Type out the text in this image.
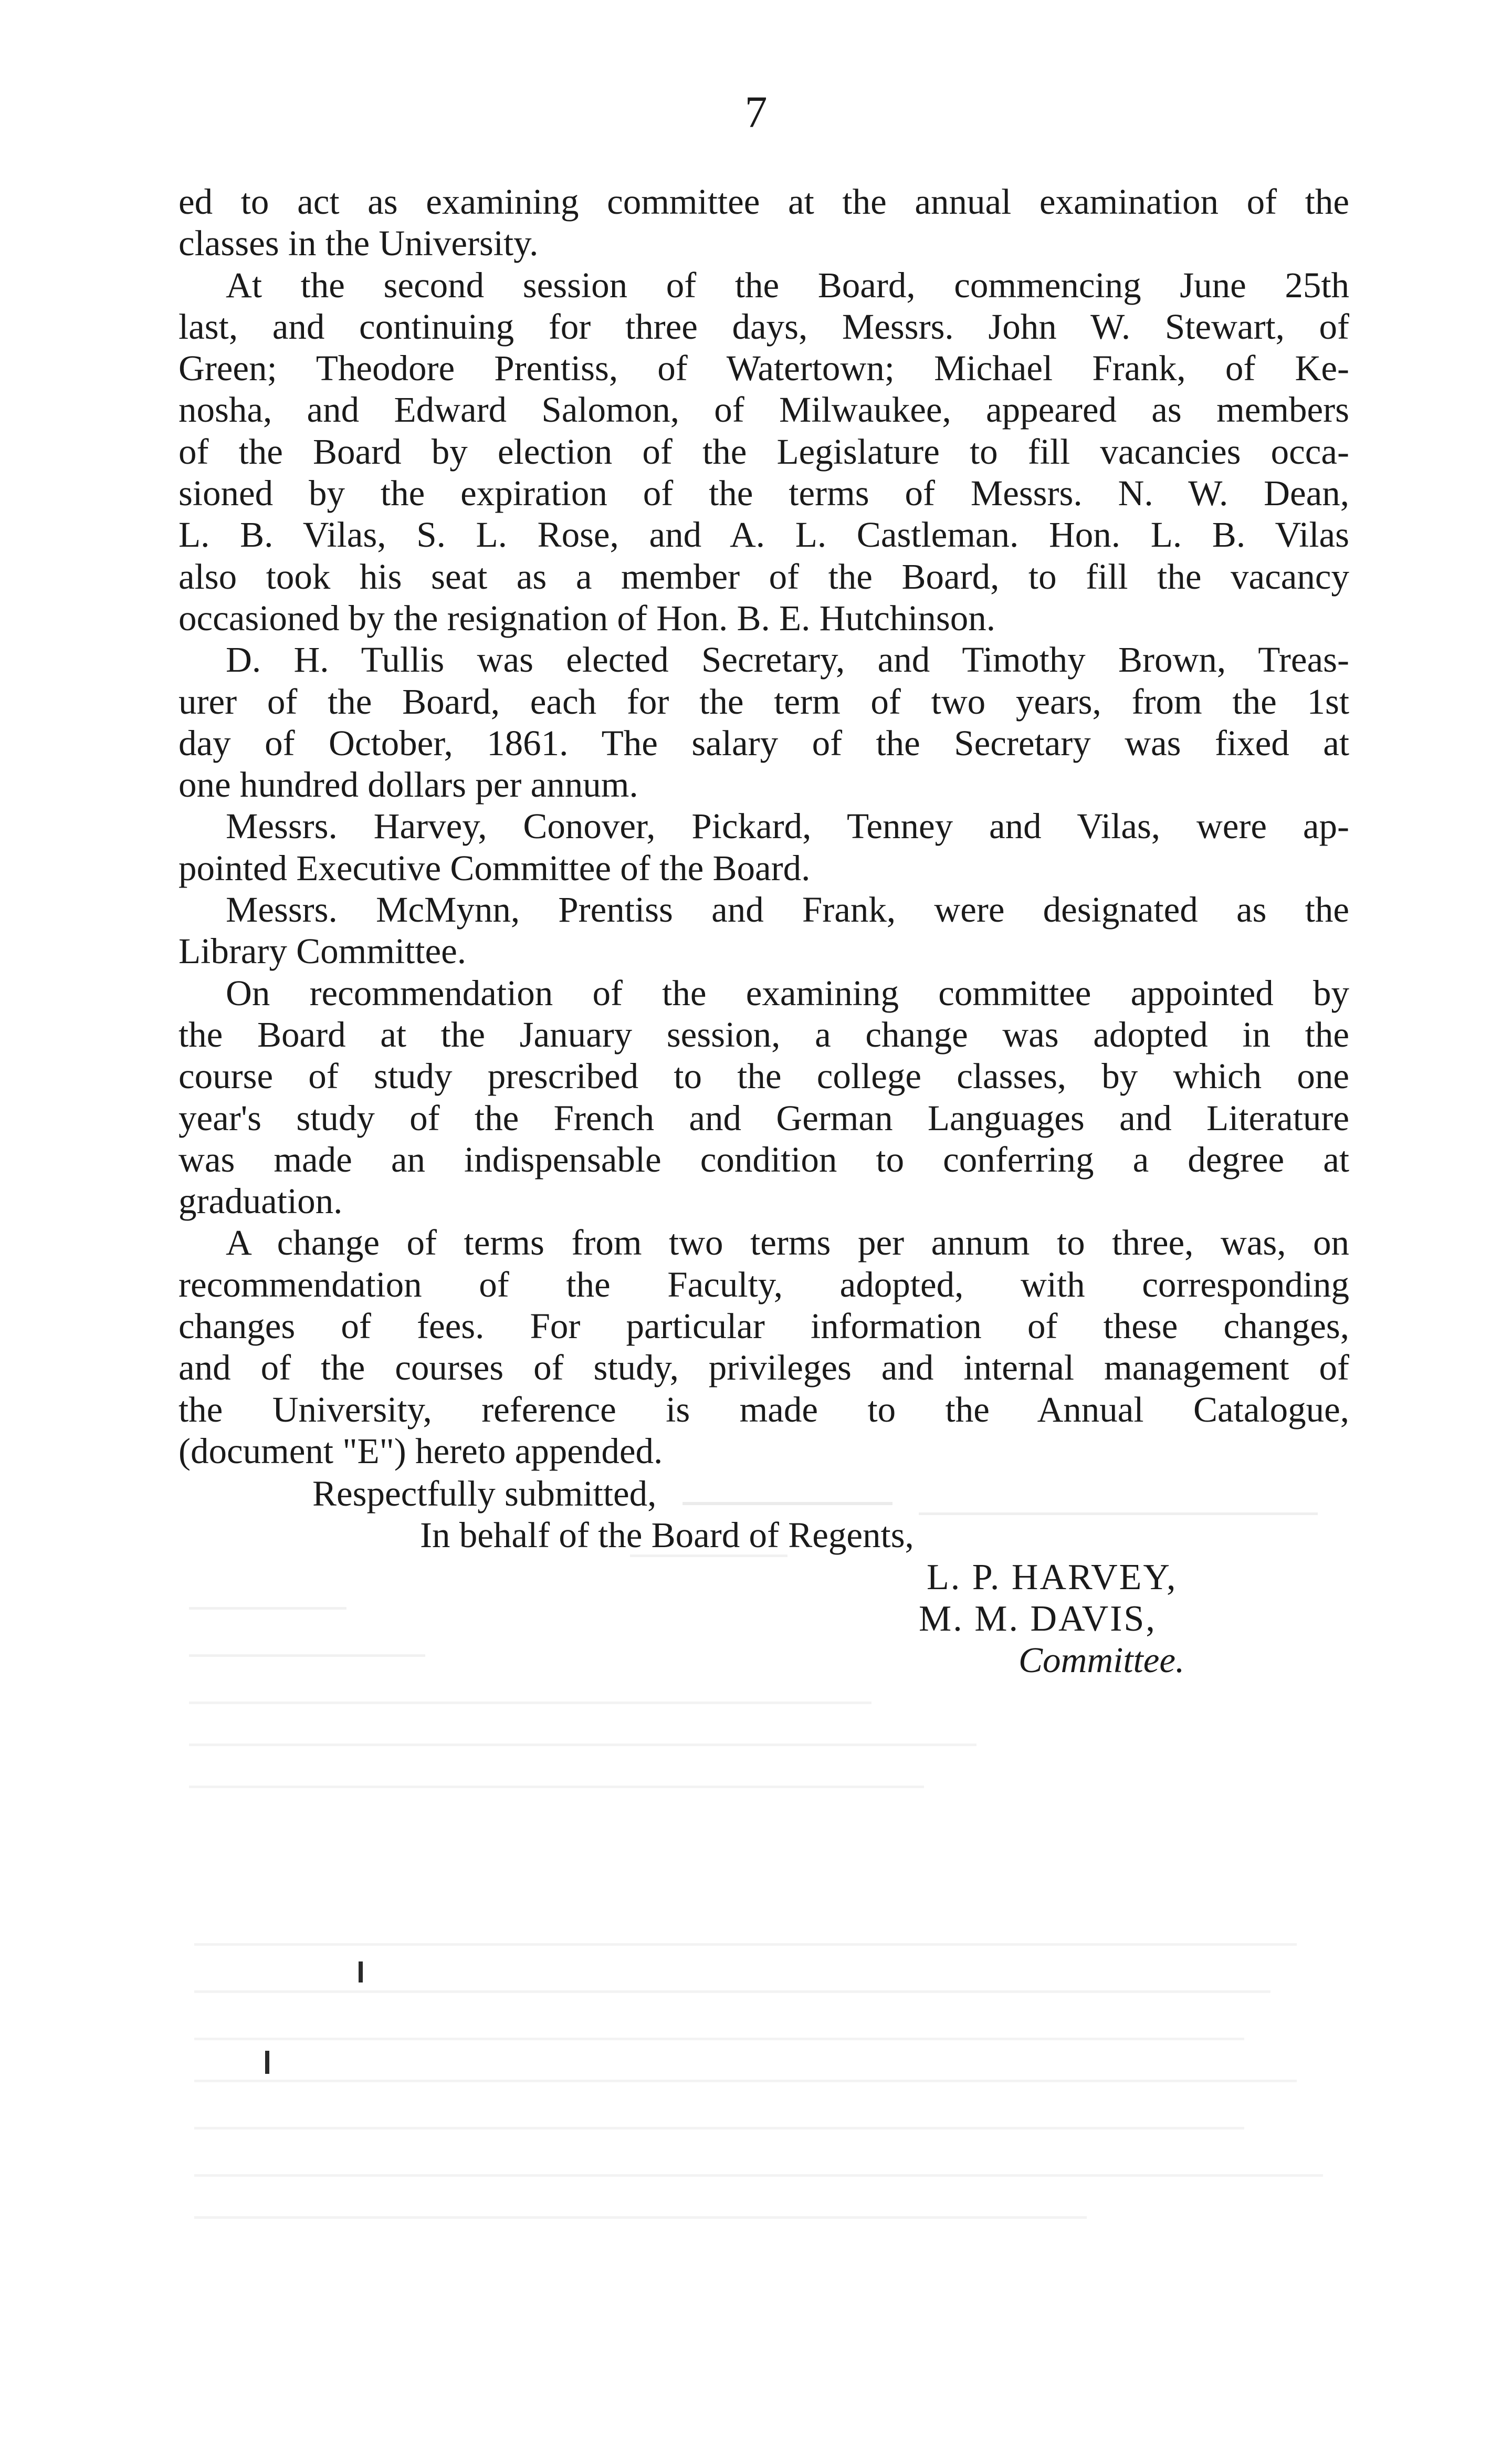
7
ed to act as examining committee at the annual examination of the
classes in the University.
At the second session of the Board, commencing June 25th
last, and continuing for three days, Messrs. John W. Stewart, of
Green; Theodore Prentiss, of Watertown; Michael Frank, of Ke-
nosha, and Edward Salomon, of Milwaukee, appeared as members
of the Board by election of the Legislature to fill vacancies occa-
sioned by the expiration of the terms of Messrs. N. W. Dean,
L. B. Vilas, S. L. Rose, and A. L. Castleman. Hon. L. B. Vilas
also took his seat as a member of the Board, to fill the vacancy
occasioned by the resignation of Hon. B. E. Hutchinson.
D. H. Tullis was elected Secretary, and Timothy Brown, Treas-
urer of the Board, each for the term of two years, from the 1st
day of October, 1861. The salary of the Secretary was fixed at
one hundred dollars per annum.
Messrs. Harvey, Conover, Pickard, Tenney and Vilas, were ap-
pointed Executive Committee of the Board.
Messrs. McMynn, Prentiss and Frank, were designated as the
Library Committee.
On recommendation of the examining committee appointed by
the Board at the January session, a change was adopted in the
course of study prescribed to the college classes, by which one
year's study of the French and German Languages and Literature
was made an indispensable condition to conferring a degree at
graduation.
A change of terms from two terms per annum to three, was, on
recommendation of the Faculty, adopted, with corresponding
changes of fees. For particular information of these changes,
and of the courses of study, privileges and internal management of
the University, reference is made to the Annual Catalogue,
(document "E") hereto appended.
Respectfully submitted,
In behalf of the Board of Regents,
L. P. HARVEY,
M. M. DAVIS,
Committee.
